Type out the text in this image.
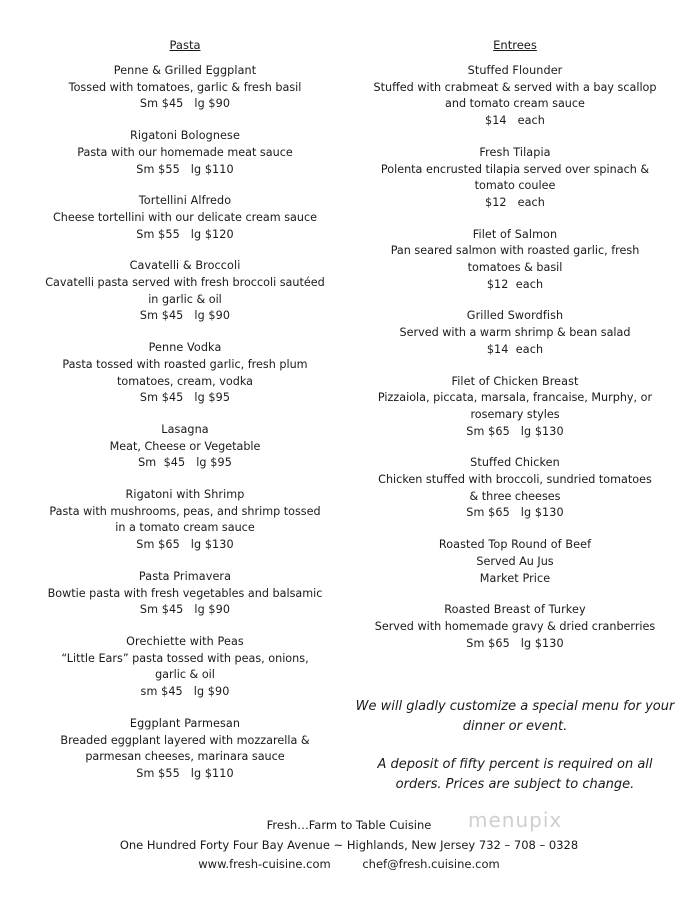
Pasta
Penne & Grilled Eggplant
Tossed with tomatoes, garlic & fresh basil
Sm $45   lg $90
Rigatoni Bolognese
Pasta with our homemade meat sauce
Sm $55   lg $110
Tortellini Alfredo
Cheese tortellini with our delicate cream sauce
Sm $55   lg $120
Cavatelli & Broccoli
Cavatelli pasta served with fresh broccoli sautéed
in garlic & oil
Sm $45   lg $90
Penne Vodka
Pasta tossed with roasted garlic, fresh plum
tomatoes, cream, vodka
Sm $45   lg $95
Lasagna
Meat, Cheese or Vegetable
Sm  $45   lg $95
Rigatoni with Shrimp
Pasta with mushrooms, peas, and shrimp tossed
in a tomato cream sauce
Sm $65   lg $130
Pasta Primavera
Bowtie pasta with fresh vegetables and balsamic
Sm $45   lg $90
Orechiette with Peas
“Little Ears” pasta tossed with peas, onions,
garlic & oil
sm $45   lg $90
Eggplant Parmesan
Breaded eggplant layered with mozzarella &
parmesan cheeses, marinara sauce
Sm $55   lg $110
Entrees
Stuffed Flounder
Stuffed with crabmeat & served with a bay scallop
and tomato cream sauce
$14   each
Fresh Tilapia
Polenta encrusted tilapia served over spinach &
tomato coulee
$12   each
Filet of Salmon
Pan seared salmon with roasted garlic, fresh
tomatoes & basil
$12  each
Grilled Swordfish
Served with a warm shrimp & bean salad
$14  each
Filet of Chicken Breast
Pizzaiola, piccata, marsala, francaise, Murphy, or
rosemary styles
Sm $65   lg $130
Stuffed Chicken
Chicken stuffed with broccoli, sundried tomatoes
& three cheeses
Sm $65   lg $130
Roasted Top Round of Beef
Served Au Jus
Market Price
Roasted Breast of Turkey
Served with homemade gravy & dried cranberries
Sm $65   lg $130
We will gladly customize a special menu for your dinner or event.
A deposit of fifty percent is required on all orders. Prices are subject to change.
menupix
Fresh…Farm to Table Cuisine
One Hundred Forty Four Bay Avenue ~ Highlands, New Jersey 732 – 708 – 0328
www.fresh-cuisine.com	chef@fresh.cuisine.com
